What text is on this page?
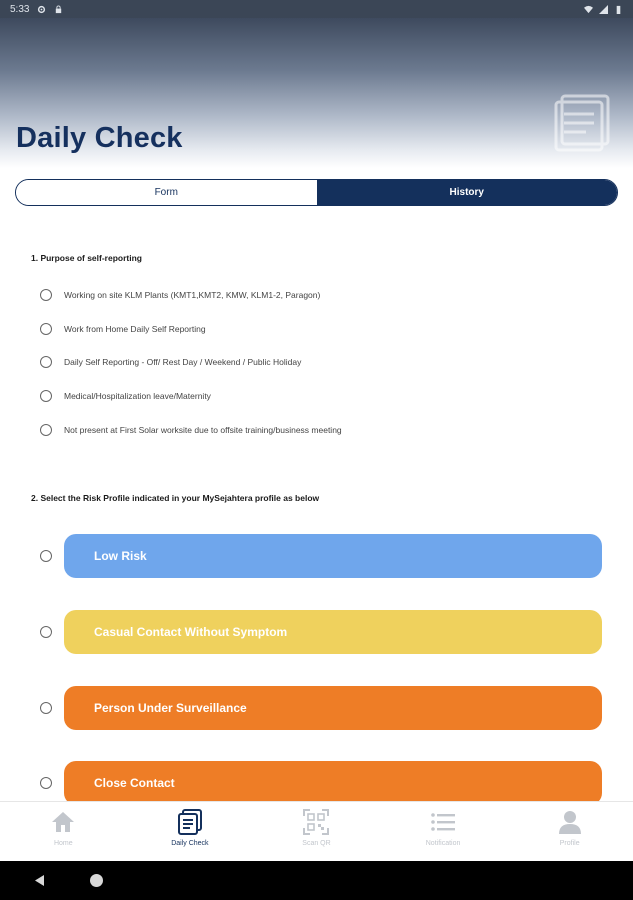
5:33
Daily Check
Form	History
1. Purpose of self-reporting
Working on site KLM Plants (KMT1,KMT2, KMW, KLM1-2, Paragon)
Work from Home Daily Self Reporting
Daily Self Reporting - Off/ Rest Day / Weekend / Public Holiday
Medical/Hospitalization leave/Maternity
Not present at First Solar worksite due to offsite training/business meeting
2. Select the Risk Profile indicated in your MySejahtera profile as below
Low Risk
Casual Contact Without Symptom
Person Under Surveillance
Close Contact
Home	Daily Check	Scan QR	Notification	Profile
